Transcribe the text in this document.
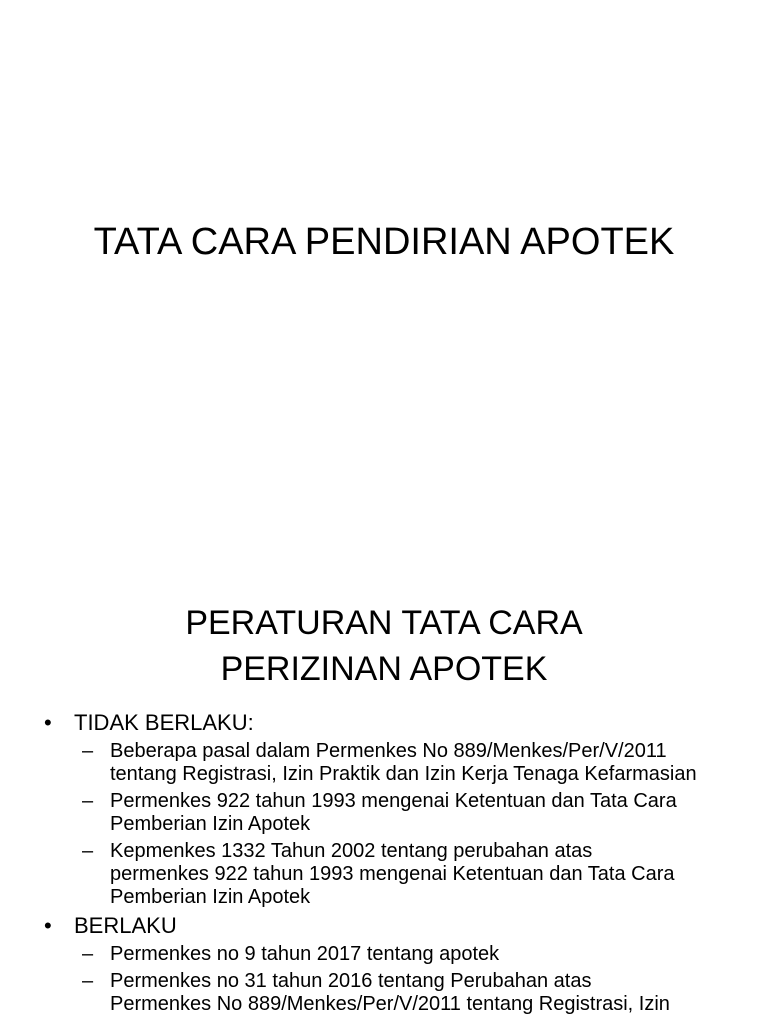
TATA CARA PENDIRIAN APOTEK
PERATURAN TATA CARA
PERIZINAN APOTEK
• TIDAK BERLAKU:
– Beberapa pasal dalam Permenkes No 889/Menkes/Per/V/2011
tentang Registrasi, Izin Praktik dan Izin Kerja Tenaga Kefarmasian
– Permenkes 922 tahun 1993 mengenai Ketentuan dan Tata Cara
Pemberian Izin Apotek
– Kepmenkes 1332 Tahun 2002 tentang perubahan atas
permenkes 922 tahun 1993 mengenai Ketentuan dan Tata Cara
Pemberian Izin Apotek
• BERLAKU
– Permenkes no 9 tahun 2017 tentang apotek
– Permenkes no 31 tahun 2016 tentang Perubahan atas
Permenkes No 889/Menkes/Per/V/2011 tentang Registrasi, Izin
